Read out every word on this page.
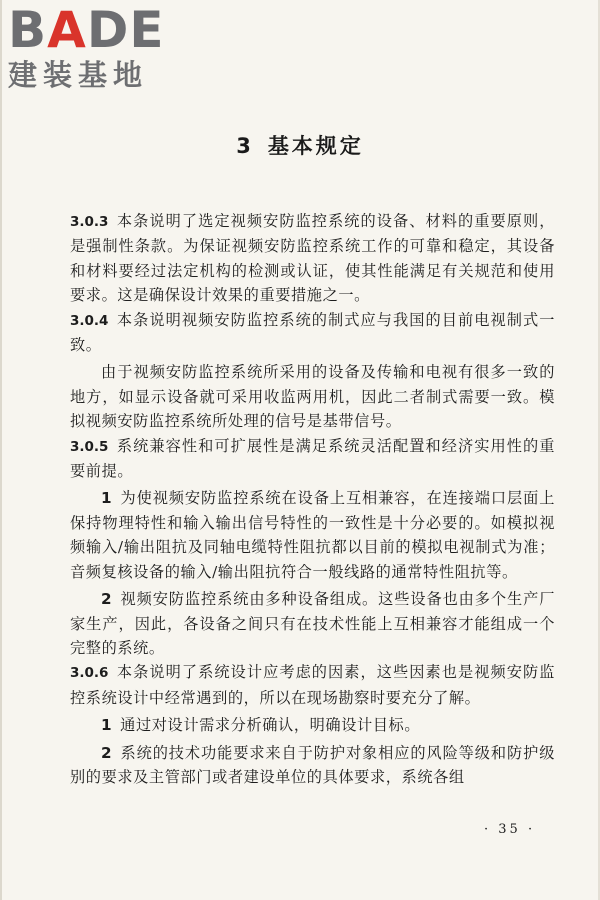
B A DE
建装基地
3 基本规定

3.0.3 本条说明了选定视频安防监控系统的设备、材料的重要原则，是强制性条款。为保证视频安防监控系统工作的可靠和稳定，其设备和材料要经过法定机构的检测或认证，使其性能满足有关规范和使用要求。这是确保设计效果的重要措施之一。

3.0.4 本条说明视频安防监控系统的制式应与我国的目前电视制式一致。

由于视频安防监控系统所采用的设备及传输和电视有很多一致的地方，如显示设备就可采用收监两用机，因此二者制式需要一致。模拟视频安防监控系统所处理的信号是基带信号。

3.0.5 系统兼容性和可扩展性是满足系统灵活配置和经济实用性的重要前提。

1 为使视频安防监控系统在设备上互相兼容，在连接端口层面上保持物理特性和输入输出信号特性的一致性是十分必要的。如模拟视频输入/输出阻抗及同轴电缆特性阻抗都以目前的模拟电视制式为准；音频复核设备的输入/输出阻抗符合一般线路的通常特性阻抗等。

2 视频安防监控系统由多种设备组成。这些设备也由多个生产厂家生产，因此，各设备之间只有在技术性能上互相兼容才能组成一个完整的系统。

3.0.6 本条说明了系统设计应考虑的因素，这些因素也是视频安防监控系统设计中经常遇到的，所以在现场勘察时要充分了解。

1 通过对设计需求分析确认，明确设计目标。

2 系统的技术功能要求来自于防护对象相应的风险等级和防护级别的要求及主管部门或者建设单位的具体要求，系统各组

· 35 ·
